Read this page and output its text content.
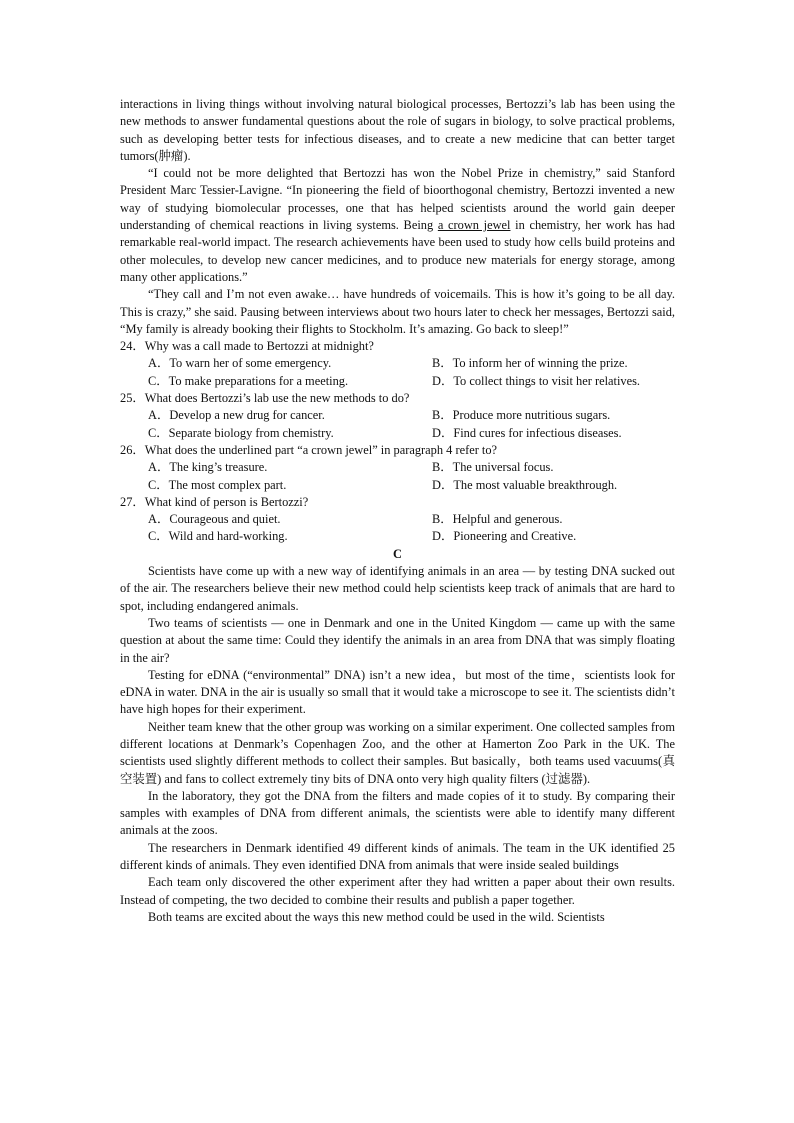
interactions in living things without involving natural biological processes, Bertozzi’s lab has been using the new methods to answer fundamental questions about the role of sugars in biology, to solve practical problems, such as developing better tests for infectious diseases, and to create a new medicine that can better target tumors(肿瘤).

“I could not be more delighted that Bertozzi has won the Nobel Prize in chemistry,” said Stanford President Marc Tessier-Lavigne. “In pioneering the field of bioorthogonal chemistry, Bertozzi invented a new way of studying biomolecular processes, one that has helped scientists around the world gain deeper understanding of chemical reactions in living systems. Being a crown jewel in chemistry, her work has had remarkable real-world impact. The research achievements have been used to study how cells build proteins and other molecules, to develop new cancer medicines, and to produce new materials for energy storage, among many other applications.”

“They call and I’m not even awake… have hundreds of voicemails. This is how it’s going to be all day. This is crazy,” she said. Pausing between interviews about two hours later to check her messages, Bertozzi said, “My family is already booking their flights to Stockholm. It’s amazing. Go back to sleep!”

24．Why was a call made to Bertozzi at midnight?

A．To warn her of some emergency.	B．To inform her of winning the prize.
C．To make preparations for a meeting.	D．To collect things to visit her relatives.

25．What does Bertozzi’s lab use the new methods to do?

A．Develop a new drug for cancer.	B．Produce more nutritious sugars.
C．Separate biology from chemistry.	D．Find cures for infectious diseases.

26．What does the underlined part “a crown jewel” in paragraph 4 refer to?

A．The king’s treasure.	B．The universal focus.
C．The most complex part.	D．The most valuable breakthrough.

27．What kind of person is Bertozzi?

A．Courageous and quiet.	B．Helpful and generous.
C．Wild and hard-working.	D．Pioneering and Creative.

C

Scientists have come up with a new way of identifying animals in an area — by testing DNA sucked out of the air. The researchers believe their new method could help scientists keep track of animals that are hard to spot, including endangered animals.

Two teams of scientists — one in Denmark and one in the United Kingdom — came up with the same question at about the same time: Could they identify the animals in an area from DNA that was simply floating in the air?

Testing for eDNA (“environmental” DNA) isn’t a new idea，but most of the time，scientists look for eDNA in water. DNA in the air is usually so small that it would take a microscope to see it. The scientists didn’t have high hopes for their experiment.

Neither team knew that the other group was working on a similar experiment. One collected samples from different locations at Denmark’s Copenhagen Zoo, and the other at Hamerton Zoo Park in the UK. The scientists used slightly different methods to collect their samples. But basically，both teams used vacuums(真空装置) and fans to collect extremely tiny bits of DNA onto very high quality filters (过滤器).

In the laboratory, they got the DNA from the filters and made copies of it to study. By comparing their samples with examples of DNA from different animals, the scientists were able to identify many different animals at the zoos.

The researchers in Denmark identified 49 different kinds of animals. The team in the UK identified 25 different kinds of animals. They even identified DNA from animals that were inside sealed buildings

Each team only discovered the other experiment after they had written a paper about their own results. Instead of competing, the two decided to combine their results and publish a paper together.

Both teams are excited about the ways this new method could be used in the wild. Scientists
